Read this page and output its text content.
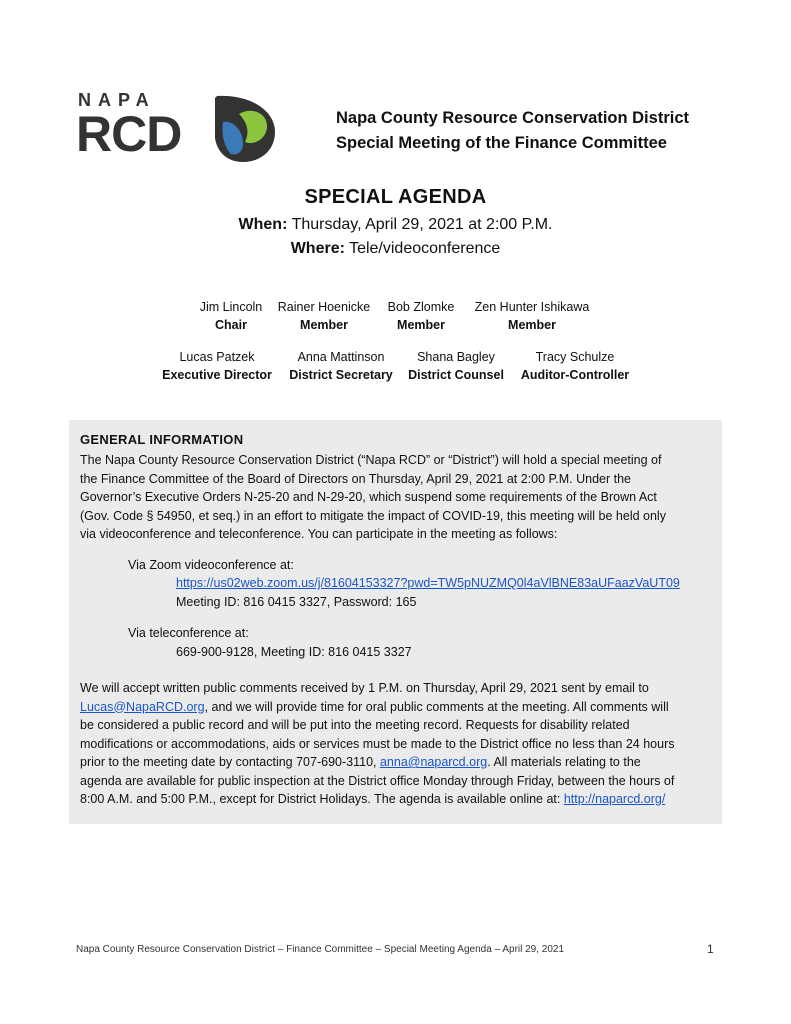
NAPA
RCD	Napa County Resource Conservation District
Special Meeting of the Finance Committee
SPECIAL AGENDA
When: Thursday, April 29, 2021 at 2:00 P.M.
Where: Tele/videoconference
Jim Lincoln
Chair
Rainer Hoenicke
Member
Bob Zlomke
Member
Zen Hunter Ishikawa
Member
Lucas Patzek
Executive Director
Anna Mattinson
District Secretary
Shana Bagley
District Counsel
Tracy Schulze
Auditor-Controller
GENERAL INFORMATION
The Napa County Resource Conservation District (“Napa RCD” or “District”) will hold a special meeting of
the Finance Committee of the Board of Directors on Thursday, April 29, 2021 at 2:00 P.M. Under the
Governor’s Executive Orders N-25-20 and N-29-20, which suspend some requirements of the Brown Act
(Gov. Code § 54950, et seq.) in an effort to mitigate the impact of COVID-19, this meeting will be held only
via videoconference and teleconference. You can participate in the meeting as follows:
Via Zoom videoconference at:
https://us02web.zoom.us/j/81604153327?pwd=TW5pNUZMQ0l4aVlBNE83aUFaazVaUT09
Meeting ID: 816 0415 3327, Password: 165
Via teleconference at:
669-900-9128, Meeting ID: 816 0415 3327
We will accept written public comments received by 1 P.M. on Thursday, April 29, 2021 sent by email to
Lucas@NapaRCD.org, and we will provide time for oral public comments at the meeting. All comments will
be considered a public record and will be put into the meeting record. Requests for disability related
modifications or accommodations, aids or services must be made to the District office no less than 24 hours
prior to the meeting date by contacting 707-690-3110, anna@naparcd.org. All materials relating to the
agenda are available for public inspection at the District office Monday through Friday, between the hours of
8:00 A.M. and 5:00 P.M., except for District Holidays. The agenda is available online at: http://naparcd.org/
Napa County Resource Conservation District – Finance Committee – Special Meeting Agenda – April 29, 2021	1
